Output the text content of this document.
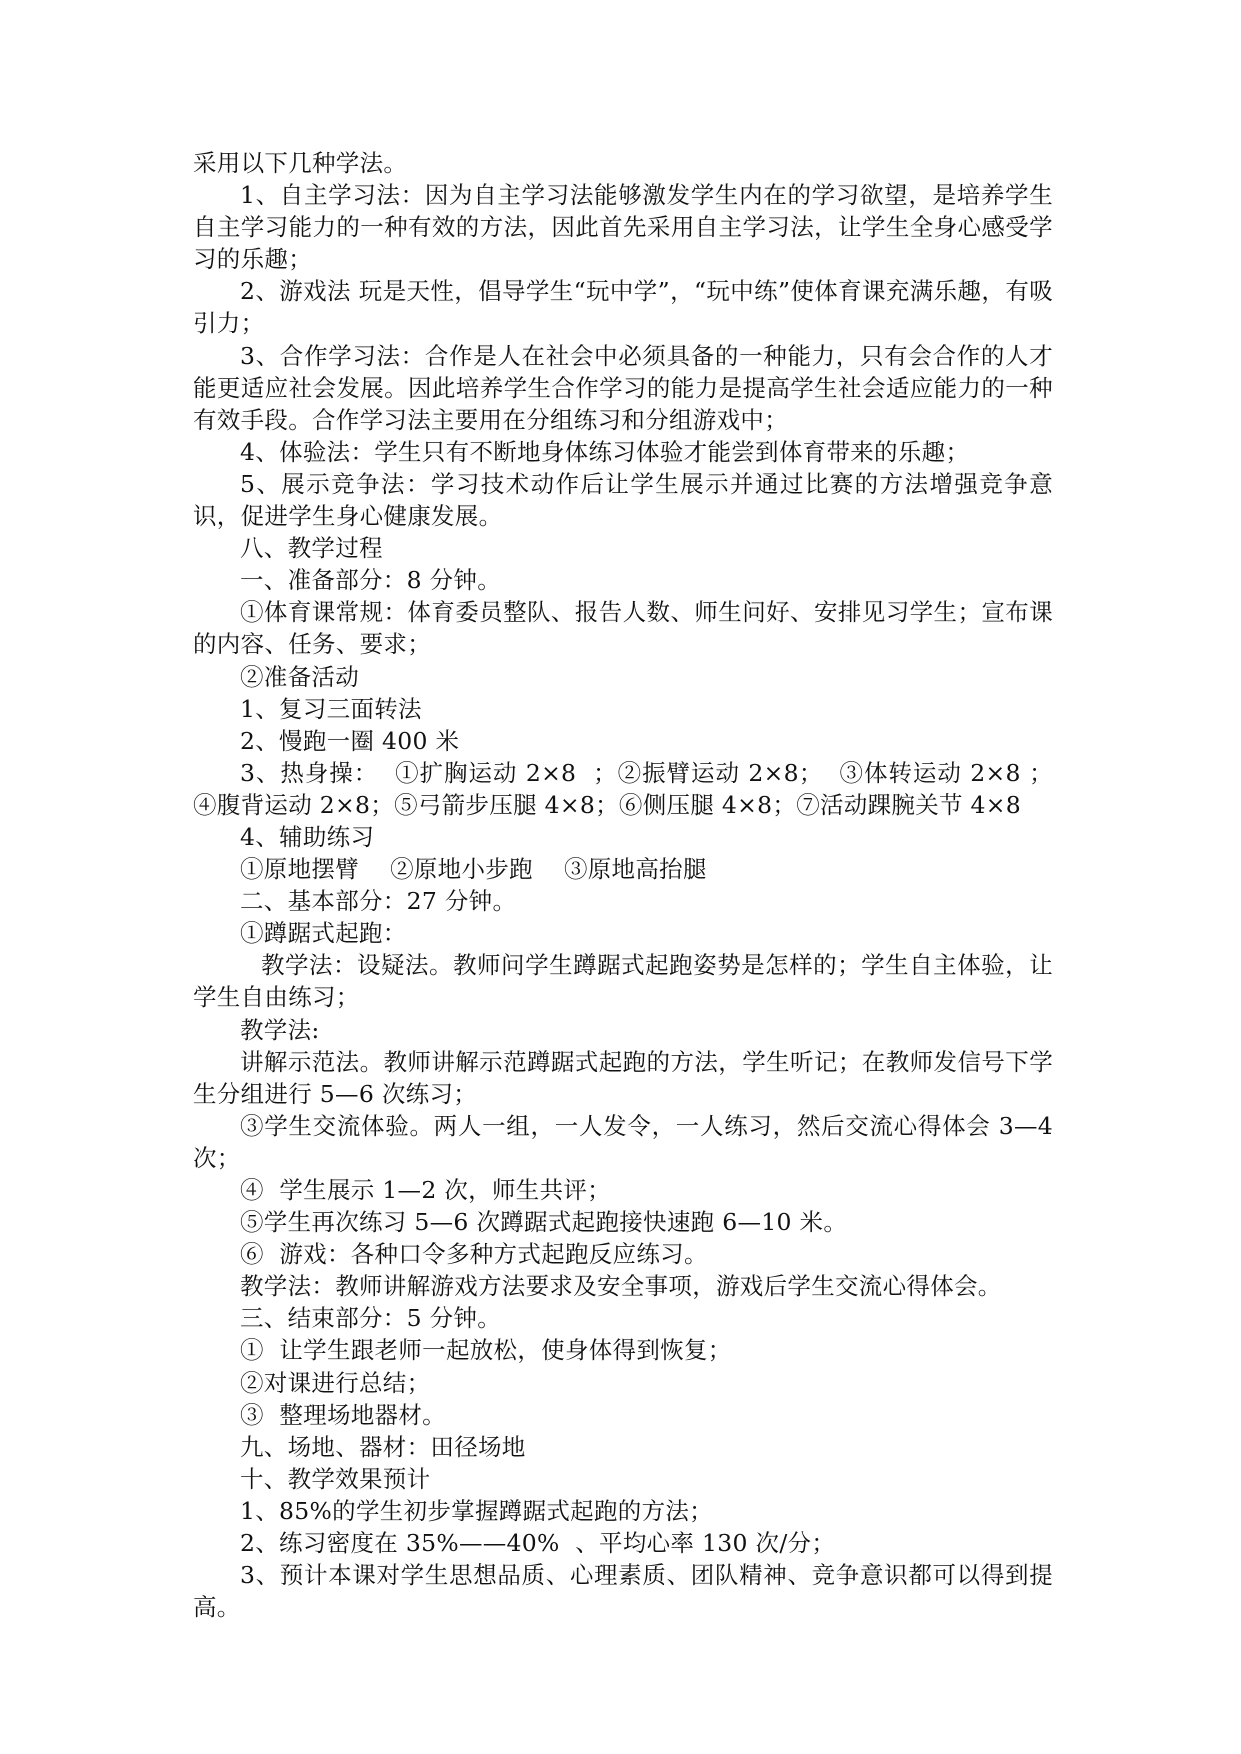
采用以下几种学法。

1、自主学习法：因为自主学习法能够激发学生内在的学习欲望，是培养学生自主学习能力的一种有效的方法，因此首先采用自主学习法，让学生全身心感受学习的乐趣；

2、游戏法 玩是天性，倡导学生“玩中学”，“玩中练”使体育课充满乐趣，有吸引力；

3、合作学习法：合作是人在社会中必须具备的一种能力，只有会合作的人才能更适应社会发展。因此培养学生合作学习的能力是提高学生社会适应能力的一种有效手段。合作学习法主要用在分组练习和分组游戏中；

4、体验法：学生只有不断地身体练习体验才能尝到体育带来的乐趣；

5、展示竞争法：学习技术动作后让学生展示并通过比赛的方法增强竞争意识，促进学生身心健康发展。

八、教学过程

一、准备部分：8 分钟。

①体育课常规：体育委员整队、报告人数、师生问好、安排见习学生；宣布课的内容、任务、要求；

②准备活动

1、复习三面转法

2、慢跑一圈 400 米

3、热身操：  ①扩胸运动 2×8  ；②振臂运动 2×8；  ③体转运动 2×8 ；④腹背运动 2×8；⑤弓箭步压腿 4×8；⑥侧压腿 4×8；⑦活动踝腕关节 4×8

4、辅助练习

①原地摆臂    ②原地小步跑    ③原地高抬腿

二、基本部分：27 分钟。

①蹲踞式起跑：

教学法：设疑法。教师问学生蹲踞式起跑姿势是怎样的；学生自主体验，让学生自由练习；

教学法:

讲解示范法。教师讲解示范蹲踞式起跑的方法，学生听记；在教师发信号下学生分组进行 5—6 次练习；

③学生交流体验。两人一组，一人发令，一人练习，然后交流心得体会 3—4 次；

④  学生展示 1—2 次，师生共评；

⑤学生再次练习 5—6 次蹲踞式起跑接快速跑 6—10 米。

⑥  游戏：各种口令多种方式起跑反应练习。

教学法：教师讲解游戏方法要求及安全事项，游戏后学生交流心得体会。

三、结束部分：5 分钟。

①  让学生跟老师一起放松，使身体得到恢复；

②对课进行总结；

③  整理场地器材。

九、场地、器材：田径场地

十、教学效果预计

1、85%的学生初步掌握蹲踞式起跑的方法；

2、练习密度在 35%——40%  、平均心率 130 次/分；

3、预计本课对学生思想品质、心理素质、团队精神、竞争意识都可以得到提高。
